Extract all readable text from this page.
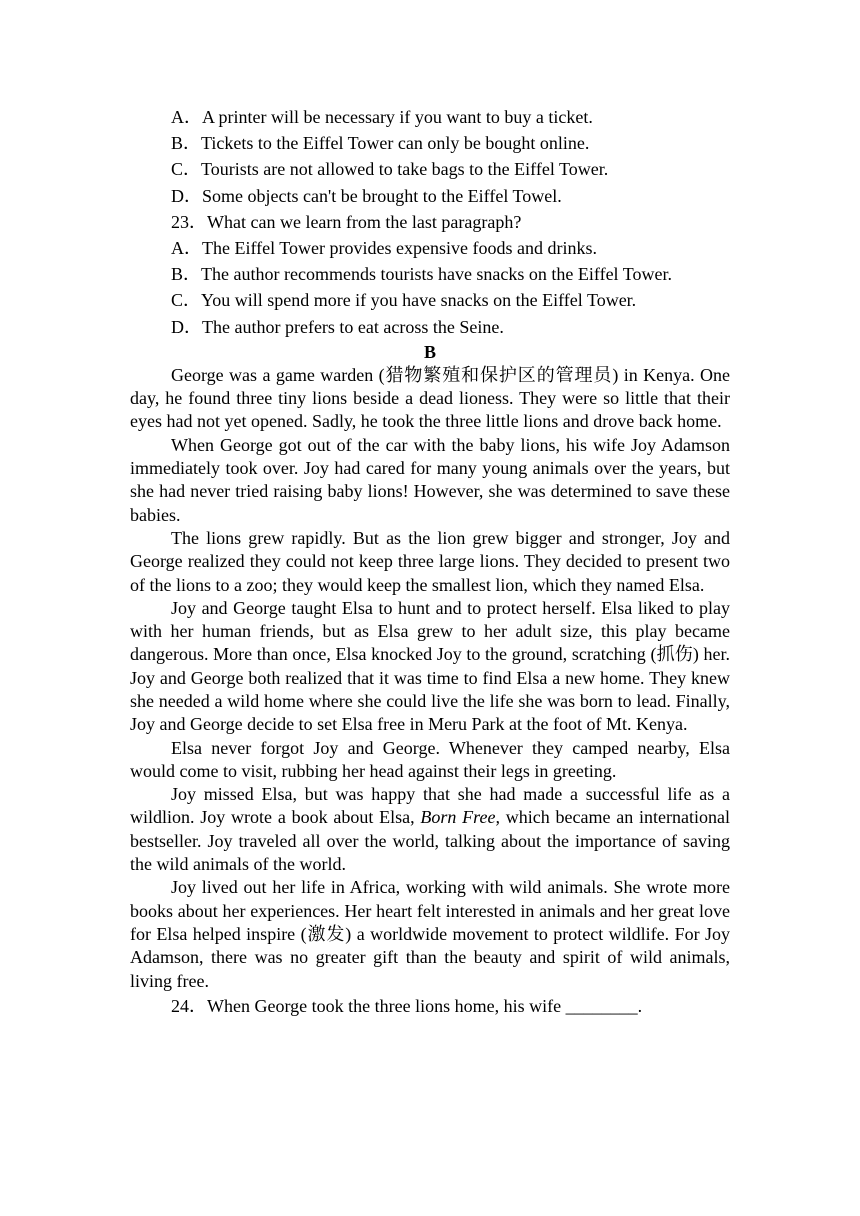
A．A printer will be necessary if you want to buy a ticket.
B．Tickets to the Eiffel Tower can only be bought online.
C．Tourists are not allowed to take bags to the Eiffel Tower.
D．Some objects can't be brought to the Eiffel Towel.
23．What can we learn from the last paragraph?
A．The Eiffel Tower provides expensive foods and drinks.
B．The author recommends tourists have snacks on the Eiffel Tower.
C．You will spend more if you have snacks on the Eiffel Tower.
D．The author prefers to eat across the Seine.
B

George was a game warden (猎物繁殖和保护区的管理员) in Kenya. One day, he found three tiny lions beside a dead lioness. They were so little that their eyes had not yet opened. Sadly, he took the three little lions and drove back home.

When George got out of the car with the baby lions, his wife Joy Adamson immediately took over. Joy had cared for many young animals over the years, but she had never tried raising baby lions! However, she was determined to save these babies.

The lions grew rapidly. But as the lion grew bigger and stronger, Joy and George realized they could not keep three large lions. They decided to present two of the lions to a zoo; they would keep the smallest lion, which they named Elsa.

Joy and George taught Elsa to hunt and to protect herself. Elsa liked to play with her human friends, but as Elsa grew to her adult size, this play became dangerous. More than once, Elsa knocked Joy to the ground, scratching (抓伤) her. Joy and George both realized that it was time to find Elsa a new home. They knew she needed a wild home where she could live the life she was born to lead. Finally, Joy and George decide to set Elsa free in Meru Park at the foot of Mt. Kenya.

Elsa never forgot Joy and George. Whenever they camped nearby, Elsa would come to visit, rubbing her head against their legs in greeting.

Joy missed Elsa, but was happy that she had made a successful life as a wildlion. Joy wrote a book about Elsa, Born Free, which became an international bestseller. Joy traveled all over the world, talking about the importance of saving the wild animals of the world.

Joy lived out her life in Africa, working with wild animals. She wrote more books about her experiences. Her heart felt interested in animals and her great love for Elsa helped inspire (激发) a worldwide movement to protect wildlife. For Joy Adamson, there was no greater gift than the beauty and spirit of wild animals, living free.

24．When George took the three lions home, his wife ________.
